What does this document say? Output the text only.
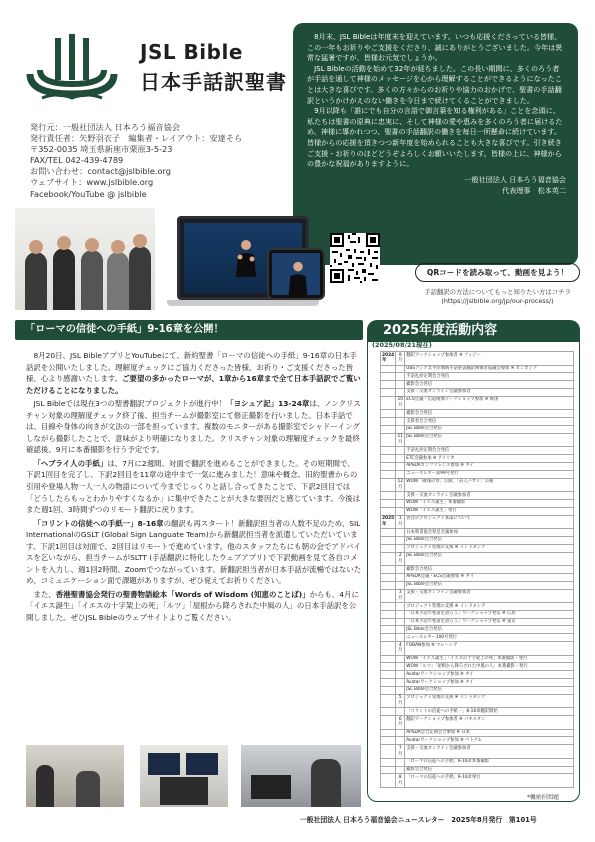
JSL Bible
日本手話訳聖書
発行元：一般社団法人 日本ろう福音協会
発行責任者：矢野羽衣子　編集者・レイアウト：安達そら
〒352-0035 埼玉県新座市栗原3-5-23
FAX/TEL 042-439-4789
お問い合わせ：contact@jslbible.org
ウェブサイト：www.jslbible.org
Facebook/YouTube @ jslbible

8月末、JSL Bibleは年度末を迎えています。いつも応援くださっている皆様、この一年もお祈りやご支援をくださり、誠にありがとうございました。今年は異常な猛暑ですが、皆様お元気でしょうか。

JSL Bibleの活動を始めて32年が経ちました。この長い期間に、多くのろう者が手話を通して神様のメッセージを心から理解することができるようになったことは大きな喜びです。多くの方々からのお祈りや協力のおかげで、聖書の手話翻訳というかけがえのない働きを今日まで続けてくることができました。

9月以降も「誰にでも自分の言語で御言葉を知る権利がある」ことを念頭に、私たちは聖書の原典に忠実に、そして神様の愛や恵みを多くのろう者に届けるため、神様に導かれつつ、聖書の手話翻訳の働きを毎日一所懸命に続けています。皆様からの応援を頂きつつ新年度を始められることも大きな喜びです。引き続きご支援・お祈りのほどどうぞよろしくお願いいたします。皆様の上に、神様からの豊かな祝福がありますように。

一般社団法人 日本ろう福音協会
代表理事　松本英二
QRコードを読み取って、動画を見よう！
手話翻訳の方法についてもっと知りたい方はコチラ
(https://jslbible.org/jp/our-process/)
「ローマの信徒への手紙」9-16章を公開！

8月20日、JSL BibleアプリとYouTubeにて、新約聖書「ローマの信徒への手紙」9-16章の日本手話訳を公開いたしました。理解度チェックにご協力くださった皆様、お祈り・ご支援くださった皆様、心より感謝いたします。ご要望の多かったローマが、1章から16章まで全て日本手話訳でご覧いただけることになりました。

JSL Bibleでは現在3つの聖書翻訳プロジェクトが進行中！「ヨシュア記」13-24章は、ノンクリスチャン対象の理解度チェック終了後、担当チームが撮影室にて修正撮影を行いました。日本手話では、目線や身体の向きが文法の一部を担っています。複数のモニターがある撮影室でシャドーイングしながら撮影したことで、意味がより明確になりました。クリスチャン対象の理解度チェックを最終確認後、9月に本番撮影を行う予定です。

「ヘブライ人の手紙」は、7月に2週間、対面で翻訳を進めることができました。その短期間で、下訳1回目を完了し、下訳2回目を11章の途中まで一気に進みました！意味や概念、旧約聖書からの引用や登場人物一人一人の物語について今までじっくりと話し合ってきたことで、下訳2回目では「どうしたらもっとわかりやすくなるか」に集中できたことが大きな要因だと感じています。今後はまた週1回、3時間ずつのリモート翻訳に戻ります。

「コリントの信徒への手紙一」8-16章の翻訳も再スタート！新翻訳担当者の人数不足のため、SIL InternationalのGSLT (Global Sign Languate Team)から新翻訳担当者を派遣していただいています。下訳1回目は対面で、2回目はリモートで進めています。他のスタッフたちにも朝の会でアドバイスを乞いながら、担当チームがSLTT (手話翻訳に特化したウェブアプリ) で下訳動画を見て各自コメントを入力し、週1回2時間、Zoomでつながっています。新翻訳担当者が日本手話が流暢ではないため、コミュニケーション面で課題がありますが、ぜひ覚えてお祈りください。

また、香港聖書協会発行の聖書物語絵本「Words of Wisdom (知恵のことば)」からも、4月に「イエス誕生」「イエスの十字架上の死」「ルツ」「屋根から降ろされた中風の人」の日本手話訳を公開しました。ぜひJSL Bibleのウェブサイトよりご覧ください。

2025年度活動内容
(2025/08/21現在)
2024年	9月	翻訳ワークショップ参加者 ※ フィジー
		UBSアジア太平洋地域手話聖書翻訳関係者協議会参加 ※ カンボジア
		手話礼拝定期会合発信
		撮影会合発信
		支援・交流オンライン会議参加者
	10月	ECS会議・伝道関係ワークショップ参加 ※ 韓国
		撮影会合発信
		支援者会合発信
		JSL Bible会合発信
	11月	JSL Bible会合発信
		手話礼拝定期会合発信
		ETC会議参加 ※ アメリカ
		APSDAカンファレンス参加 ※ タイ
		ニュースレター第99号発行
	12月	WOW「敬虔の母」公開、「詩人ハガイ」公開
		支援・交流オンライン会議参加者
		WOW「イエス誕生」本番撮影
		WOW「イエス誕生」発行
2025年	1月	各会のプロジェクト本部について
		日本聖書協会発足会議参加
		JSL Bible会合発信
		プロジェクト管理の支援 ※ インドネシア
	2月	JSL Bible会合発信
		撮影会合発信
		APSDA会議・ECS会議参加 ※ タイ
		JSL Bible会合発信
	3月	支援・交流オンライン会議参加者
		プロジェクト管理の支援 ※ インドネシア
		「日本手話で聖書を語ろう」ワークショップ発信 ※ 広島
		「日本手話で聖書を語ろう」ワークショップ発信 ※ 東京
		JSL Bible会合発信
		ニュースレター100号発行
	4月	FOBAN参加 ※ マレーシア
		WOW「イエス誕生」「イエスの十字架上の死」本番撮影・発行
		WOW「ルツ」「屋根から降ろされた中風の人」本番撮影・発行
		Avatarワークショップ参加 ※ タイ
		Avatarワークショップ参加 ※ タイ
		JSL Bible会合発信
	5月	プロジェクト管理の支援 ※ インドネシア
		「コリントの信徒への手紙一」8-16章翻訳開始
	6月	翻訳ワークショップ参加者 ※ パキスタン
		APSDA会合定期会合参加 ※ 日本
		Avatarワークショップ参加 ※ ベトナム
	7月	支援・交流オンライン会議参加者
		「ローマの信徒への手紙」9-16章本番撮影
		撮影会合発信
	8月	「ローマの信徒への手紙」9-16章発行
*機密但問題
一般社団法人 日本ろう福音協会ニュースレター　2025年8月発行　第101号
